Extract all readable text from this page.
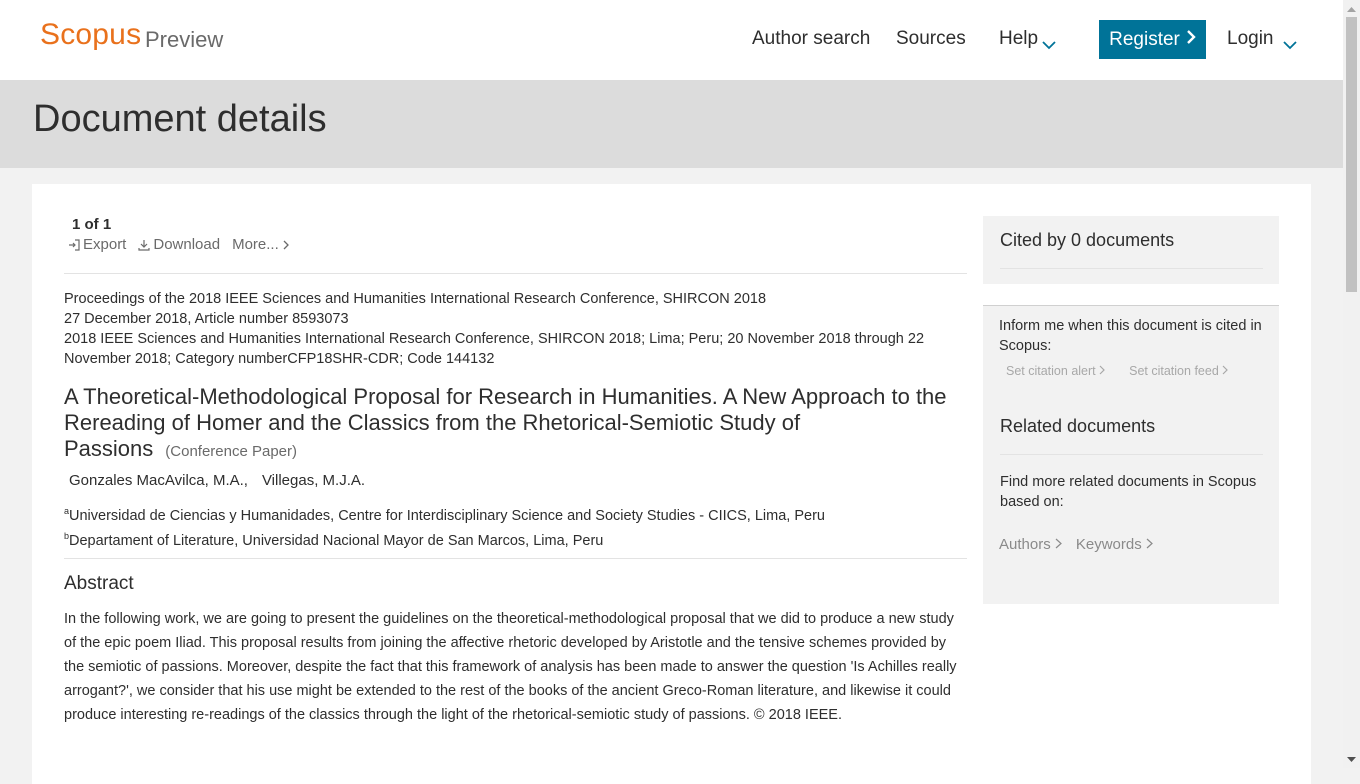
Scopus Preview	Author search Sources Help	Register Login
Document details
1 of 1
Export Download More...
Proceedings of the 2018 IEEE Sciences and Humanities International Research Conference, SHIRCON 2018
27 December 2018, Article number 8593073
2018 IEEE Sciences and Humanities International Research Conference, SHIRCON 2018; Lima; Peru; 20 November 2018 through 22 November 2018; Category numberCFP18SHR-CDR; Code 144132
A Theoretical-Methodological Proposal for Research in Humanities. A New Approach to the Rereading of Homer and the Classics from the Rhetorical-Semiotic Study of Passions (Conference Paper)
Gonzales MacAvilca, M.A., Villegas, M.J.A.
$^a$Universidad de Ciencias y Humanidades, Centre for Interdisciplinary Science and Society Studies - CIICS, Lima, Peru
$^b$Departament of Literature, Universidad Nacional Mayor de San Marcos, Lima, Peru
Abstract
In the following work, we are going to present the guidelines on the theoretical-methodological proposal that we did to produce a new study of the epic poem Iliad. This proposal results from joining the affective rhetoric developed by Aristotle and the tensive schemes provided by the semiotic of passions. Moreover, despite the fact that this framework of analysis has been made to answer the question 'Is Achilles really arrogant?', we consider that his use might be extended to the rest of the books of the ancient Greco-Roman literature, and likewise it could produce interesting re-readings of the classics through the light of the rhetorical-semiotic study of passions. © 2018 IEEE.
Cited by 0 documents
Inform me when this document is cited in Scopus:
Set citation alert	Set citation feed
Related documents
Find more related documents in Scopus based on:
Authors	Keywords
